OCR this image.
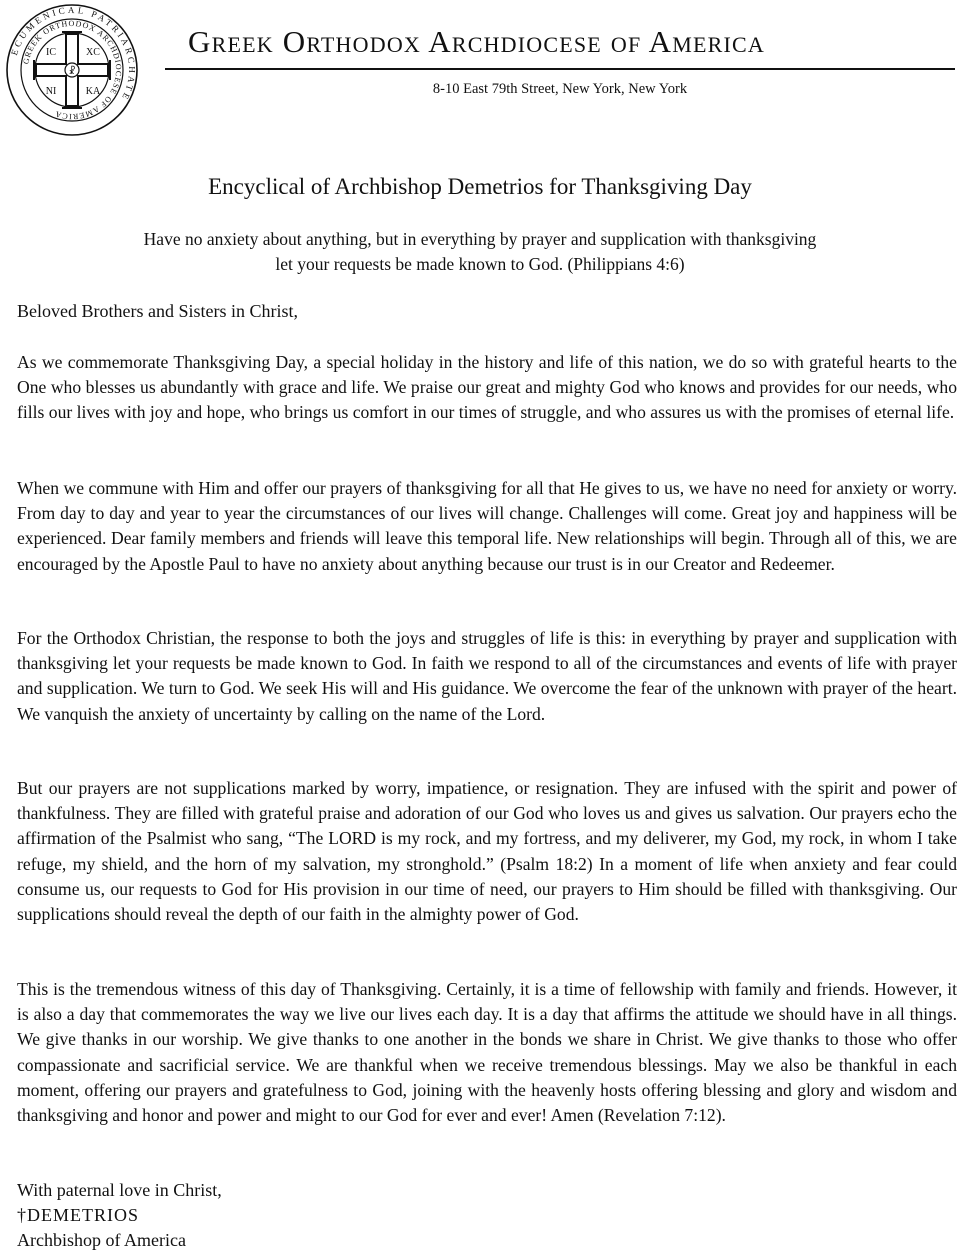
ECUMENICAL PATRIARCHATE
GREEK ORTHODOX ARCHDIOCESE OF AMERICA
☧
IC	XC
NI	KA
Greek Orthodox Archdiocese of America
8-10 East 79th Street, New York, New York
Encyclical of Archbishop Demetrios for Thanksgiving Day
Have no anxiety about anything, but in everything by prayer and supplication with thanksgiving
let your requests be made known to God. (Philippians 4:6)
Beloved Brothers and Sisters in Christ,

As we commemorate Thanksgiving Day, a special holiday in the history and life of this nation, we do so with grateful hearts to the One who blesses us abundantly with grace and life. We praise our great and mighty God who knows and provides for our needs, who fills our lives with joy and hope, who brings us comfort in our times of struggle, and who assures us with the promises of eternal life.

When we commune with Him and offer our prayers of thanksgiving for all that He gives to us, we have no need for anxiety or worry. From day to day and year to year the circumstances of our lives will change. Challenges will come. Great joy and happiness will be experienced. Dear family members and friends will leave this temporal life. New relationships will begin. Through all of this, we are encouraged by the Apostle Paul to have no anxiety about anything because our trust is in our Creator and Redeemer.

For the Orthodox Christian, the response to both the joys and struggles of life is this: in everything by prayer and supplication with thanksgiving let your requests be made known to God. In faith we respond to all of the circumstances and events of life with prayer and supplication. We turn to God. We seek His will and His guidance. We overcome the fear of the unknown with prayer of the heart. We vanquish the anxiety of uncertainty by calling on the name of the Lord.

But our prayers are not supplications marked by worry, impatience, or resignation. They are infused with the spirit and power of thankfulness. They are filled with grateful praise and adoration of our God who loves us and gives us salvation. Our prayers echo the affirmation of the Psalmist who sang, “The LORD is my rock, and my fortress, and my deliverer, my God, my rock, in whom I take refuge, my shield, and the horn of my salvation, my stronghold.” (Psalm 18:2) In a moment of life when anxiety and fear could consume us, our requests to God for His provision in our time of need, our prayers to Him should be filled with thanksgiving. Our supplications should reveal the depth of our faith in the almighty power of God.

This is the tremendous witness of this day of Thanksgiving. Certainly, it is a time of fellowship with family and friends. However, it is also a day that commemorates the way we live our lives each day. It is a day that affirms the attitude we should have in all things. We give thanks in our worship. We give thanks to one another in the bonds we share in Christ. We give thanks to those who offer compassionate and sacrificial service. We are thankful when we receive tremendous blessings. May we also be thankful in each moment, offering our prayers and gratefulness to God, joining with the heavenly hosts offering blessing and glory and wisdom and thanksgiving and honor and power and might to our God for ever and ever! Amen (Revelation 7:12).

With paternal love in Christ,
†DEMETRIOS
Archbishop of America
